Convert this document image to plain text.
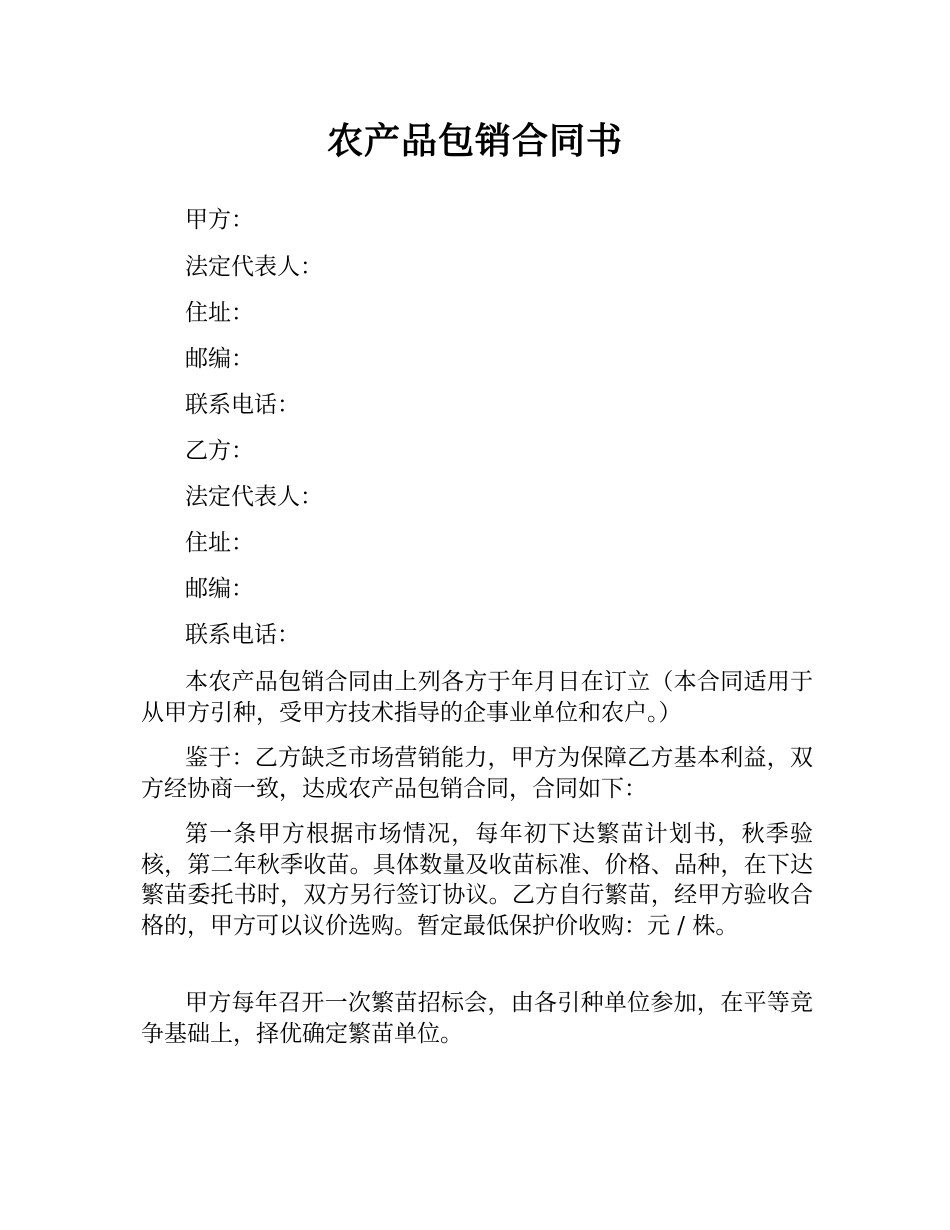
农产品包销合同书

甲方：

法定代表人：

住址：

邮编：

联系电话：

乙方：

法定代表人：

住址：

邮编：

联系电话：

本农产品包销合同由上列各方于年月日在订立（本合同适用于从甲方引种，受甲方技术指导的企事业单位和农户。）

鉴于：乙方缺乏市场营销能力，甲方为保障乙方基本利益，双方经协商一致，达成农产品包销合同，合同如下：

第一条甲方根据市场情况，每年初下达繁苗计划书，秋季验核，第二年秋季收苗。具体数量及收苗标准、价格、品种，在下达繁苗委托书时，双方另行签订协议。乙方自行繁苗，经甲方验收合格的，甲方可以议价选购。暂定最低保护价收购：元 / 株。

甲方每年召开一次繁苗招标会，由各引种单位参加，在平等竞争基础上，择优确定繁苗单位。
